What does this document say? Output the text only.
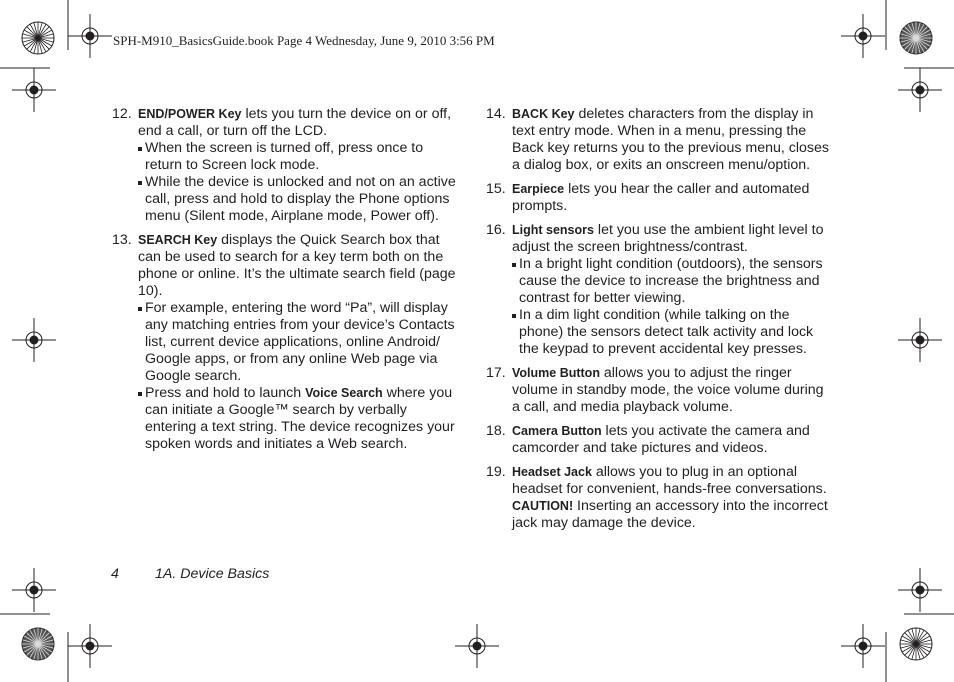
SPH-M910_BasicsGuide.book Page 4 Wednesday, June 9, 2010 3:56 PM
12. END/POWER Key lets you turn the device on or off, end a call, or turn off the LCD.

When the screen is turned off, press once to return to Screen lock mode.

While the device is unlocked and not on an active call, press and hold to display the Phone options menu (Silent mode, Airplane mode, Power off).

13. SEARCH Key displays the Quick Search box that can be used to search for a key term both on the phone or online. It’s the ultimate search field (page 10).

For example, entering the word “Pa”, will display any matching entries from your device’s Contacts list, current device applications, online Android/ Google apps, or from any online Web page via Google search.

Press and hold to launch Voice Search where you can initiate a Google™ search by verbally entering a text string. The device recognizes your spoken words and initiates a Web search.

14. BACK Key deletes characters from the display in text entry mode. When in a menu, pressing the Back key returns you to the previous menu, closes a dialog box, or exits an onscreen menu/option.

15. Earpiece lets you hear the caller and automated prompts.

16. Light sensors let you use the ambient light level to adjust the screen brightness/contrast.

In a bright light condition (outdoors), the sensors cause the device to increase the brightness and contrast for better viewing.

In a dim light condition (while talking on the phone) the sensors detect talk activity and lock the keypad to prevent accidental key presses.

17. Volume Button allows you to adjust the ringer volume in standby mode, the voice volume during a call, and media playback volume.

18. Camera Button lets you activate the camera and camcorder and take pictures and videos.

19. Headset Jack allows you to plug in an optional headset for convenient, hands-free conversations.
CAUTION! Inserting an accessory into the incorrect jack may damage the device.

4	1A. Device Basics
